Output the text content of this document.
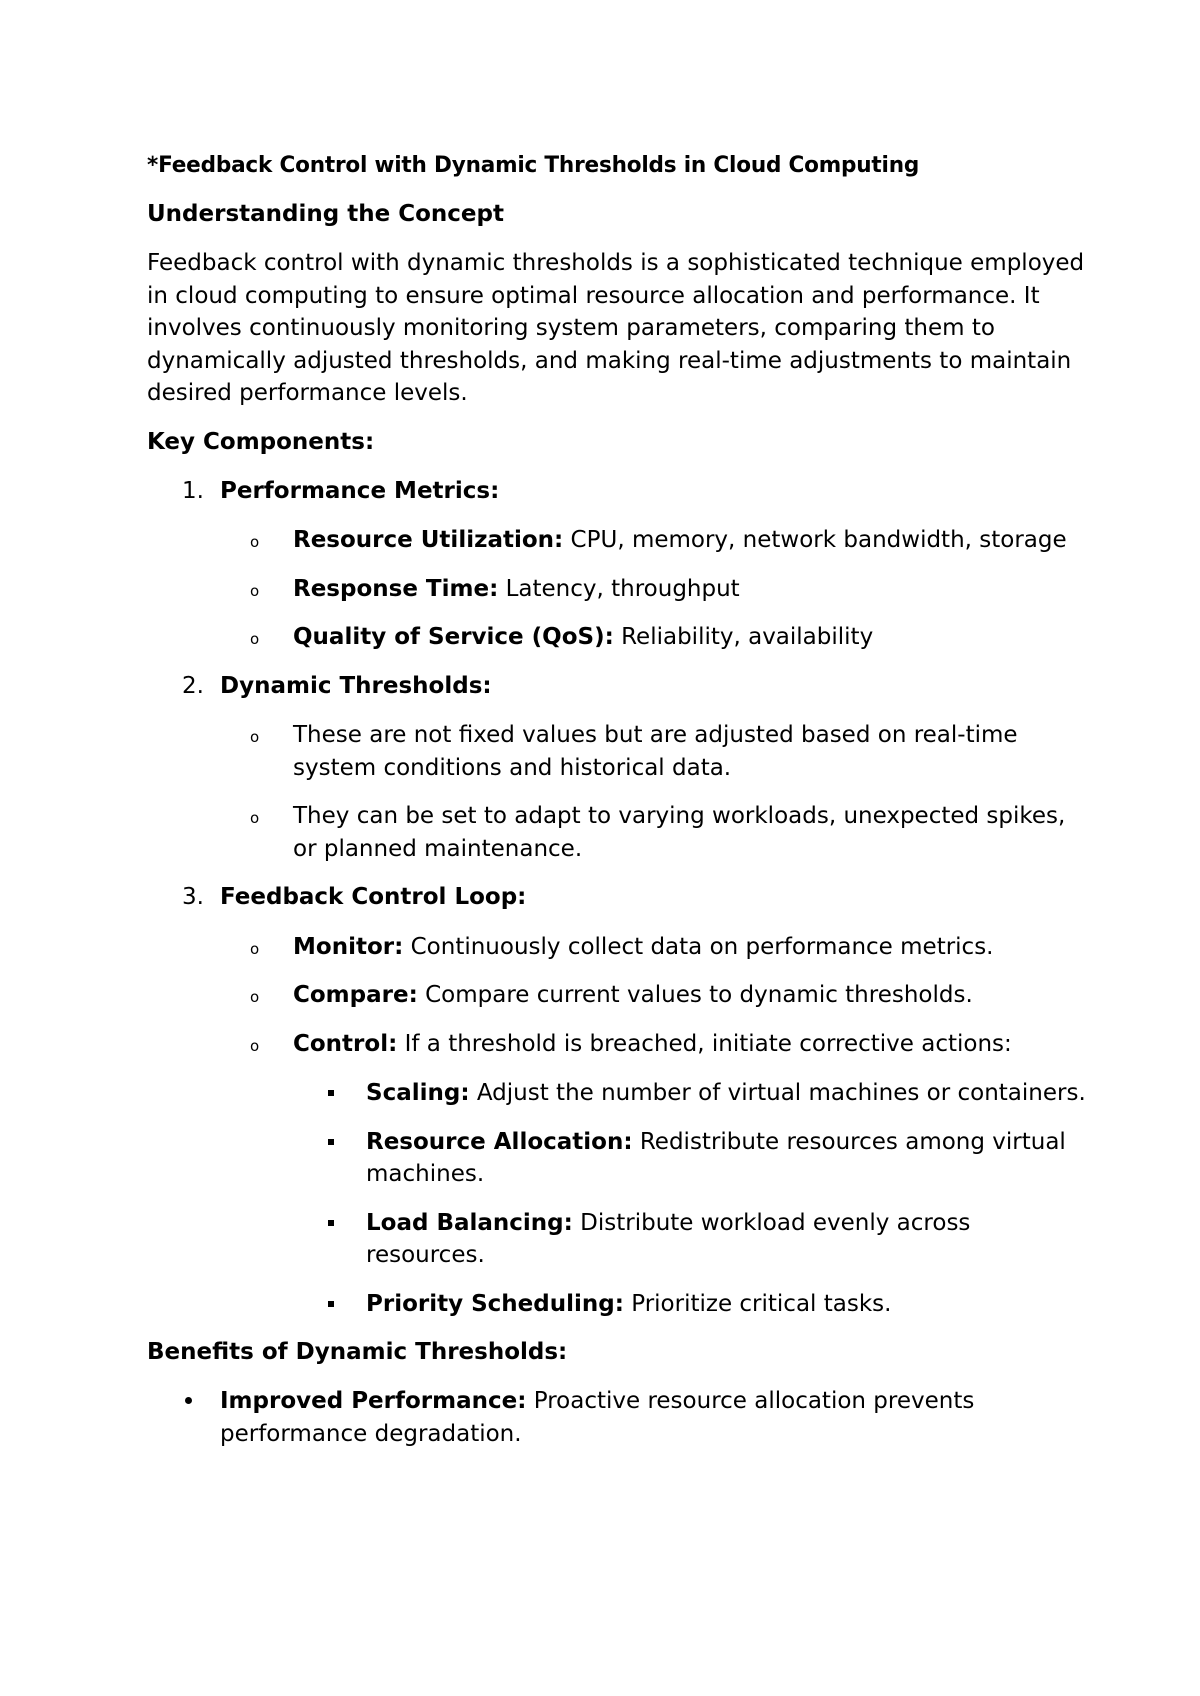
*Feedback Control with Dynamic Thresholds in Cloud Computing
Understanding the Concept

Feedback control with dynamic thresholds is a sophisticated technique employed in cloud computing to ensure optimal resource allocation and performance. It involves continuously monitoring system parameters, comparing them to dynamically adjusted thresholds, and making real-time adjustments to maintain desired performance levels.

Key Components:
1. Performance Metrics:
o Resource Utilization: CPU, memory, network bandwidth, storage
o Response Time: Latency, throughput
o Quality of Service (QoS): Reliability, availability
2. Dynamic Thresholds:
o These are not fixed values but are adjusted based on real-time system conditions and historical data.
o They can be set to adapt to varying workloads, unexpected spikes, or planned maintenance.
3. Feedback Control Loop:
o Monitor: Continuously collect data on performance metrics.
o Compare: Compare current values to dynamic thresholds.
o Control: If a threshold is breached, initiate corrective actions:
Scaling: Adjust the number of virtual machines or containers.
Resource Allocation: Redistribute resources among virtual machines.
Load Balancing: Distribute workload evenly across resources.
Priority Scheduling: Prioritize critical tasks.
Benefits of Dynamic Thresholds:
Improved Performance: Proactive resource allocation prevents performance degradation.
